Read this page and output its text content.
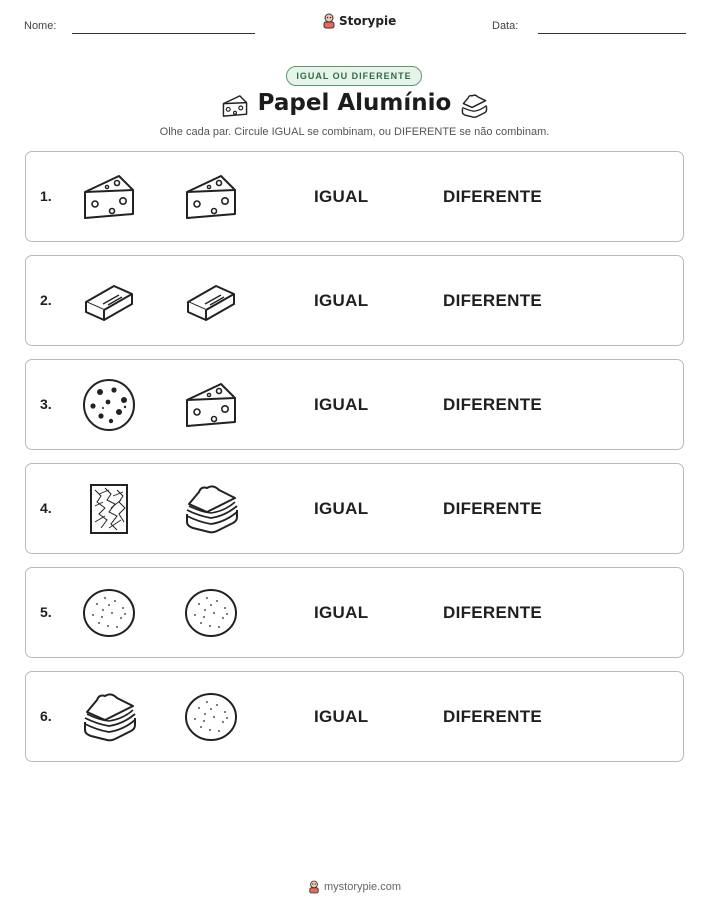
Nome:	Storypie	Data:
IGUAL OU DIFERENTE
Papel Alumínio
Olhe cada par. Circule IGUAL se combinam, ou DIFERENTE se não combinam.
1.	IGUAL	DIFERENTE
2.	IGUAL	DIFERENTE
3.	IGUAL	DIFERENTE
4.	IGUAL	DIFERENTE
5.	IGUAL	DIFERENTE
6.	IGUAL	DIFERENTE
mystorypie.com
